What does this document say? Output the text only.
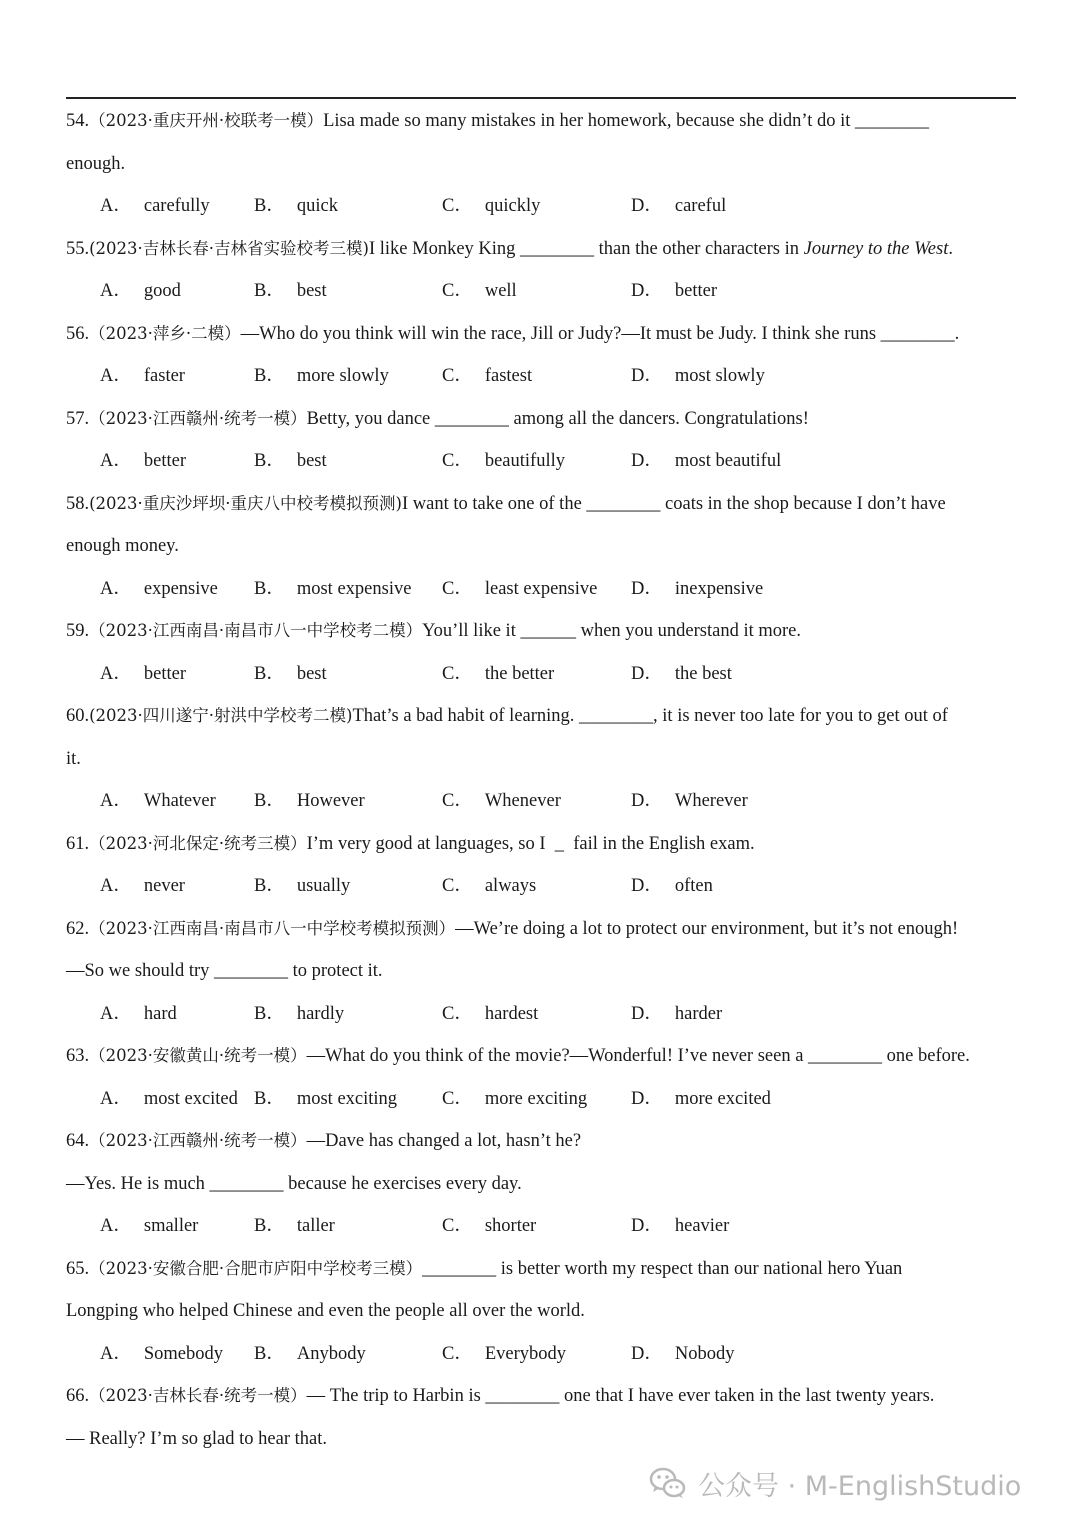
54.（2023·重庆开州·校联考一模）Lisa made so many mistakes in her homework, because she didn’t do it ________
enough.
A． carefully B． quick	C． quickly	D． careful
55.(2023·吉林长春·吉林省实验校考三模)I like Monkey King ________ than the other characters in Journey to the West.
A． good	B． best	C． well	D． better
56.（2023·萍乡·二模）—Who do you think will win the race, Jill or Judy?—It must be Judy. I think she runs ________.
A． faster	B． more slowly	C． fastest	D． most slowly
57.（2023·江西赣州·统考一模）Betty, you dance ________ among all the dancers. Congratulations!
A． better	B． best	C． beautifully	D． most beautiful
58.(2023·重庆沙坪坝·重庆八中校考模拟预测)I want to take one of the ________ coats in the shop because I don’t have
enough money.
A． expensive B． most expensive C． least expensive D． inexpensive
59.（2023·江西南昌·南昌市八一中学校考二模）You’ll like it ______ when you understand it more.
A． better	B． best	C． the better	D． the best
60.(2023·四川遂宁·射洪中学校考二模)That’s a bad habit of learning. ________, it is never too late for you to get out of
it.
A． Whatever B． However	C． Whenever	D． Wherever
61.（2023·河北保定·统考三模）I’m very good at languages, so I  _  fail in the English exam.
A． never	B． usually	C． always	D． often
62.（2023·江西南昌·南昌市八一中学校考模拟预测）—We’re doing a lot to protect our environment, but it’s not enough!
—So we should try ________ to protect it.
A． hard	B． hardly	C． hardest	D． harder
63.（2023·安徽黄山·统考一模）—What do you think of the movie?—Wonderful! I’ve never seen a ________ one before.
A． most excited B． most exciting C． more exciting D． more excited
64.（2023·江西赣州·统考一模）—Dave has changed a lot, hasn’t he?
—Yes. He is much ________ because he exercises every day.
A． smaller	B． taller	C． shorter	D． heavier
65.（2023·安徽合肥·合肥市庐阳中学校考三模）________ is better worth my respect than our national hero Yuan
Longping who helped Chinese and even the people all over the world.
A． Somebody B． Anybody	C． Everybody	D． Nobody
66.（2023·吉林长春·统考一模）— The trip to Harbin is ________ one that I have ever taken in the last twenty years.
— Really? I’m so glad to hear that.
公众号 · M-EnglishStudio
